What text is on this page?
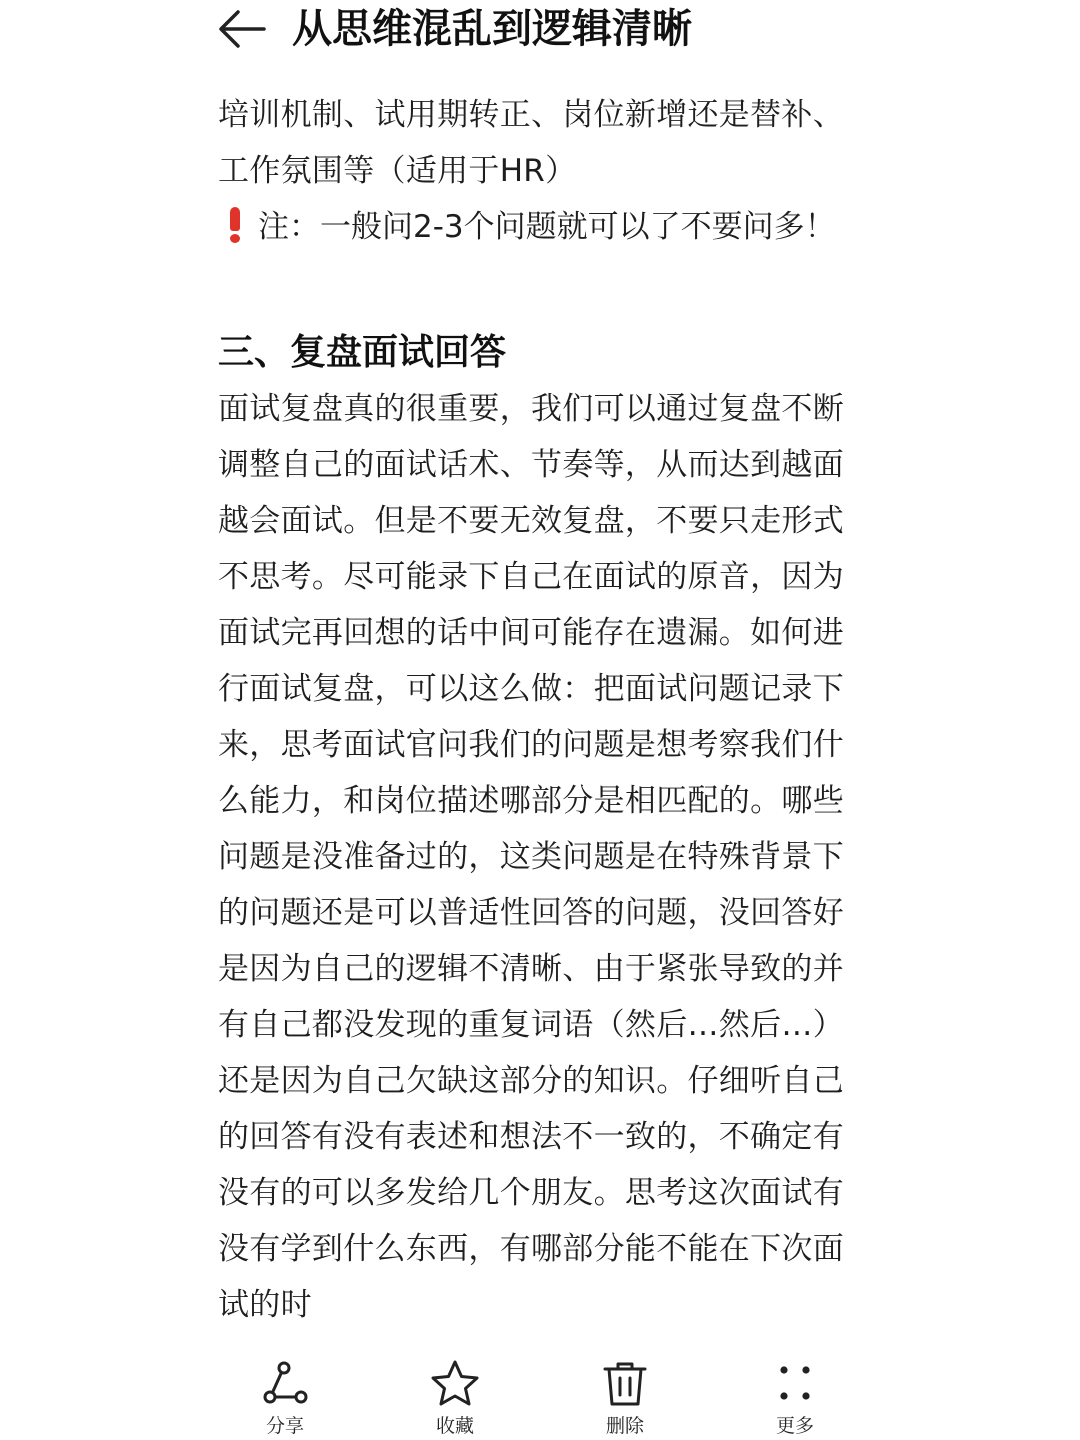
从思维混乱到逻辑清晰

培训机制、试用期转正、岗位新增还是替补、工作氛围等（适用于HR）

注：一般问2-3个问题就可以了不要问多！

三、复盘面试回答

面试复盘真的很重要，我们可以通过复盘不断调整自己的面试话术、节奏等，从而达到越面越会面试。但是不要无效复盘，不要只走形式不思考。尽可能录下自己在面试的原音，因为面试完再回想的话中间可能存在遗漏。如何进行面试复盘，可以这么做：把面试问题记录下来，思考面试官问我们的问题是想考察我们什么能力，和岗位描述哪部分是相匹配的。哪些问题是没准备过的，这类问题是在特殊背景下的问题还是可以普适性回答的问题，没回答好是因为自己的逻辑不清晰、由于紧张导致的并有自己都没发现的重复词语（然后…然后…）还是因为自己欠缺这部分的知识。仔细听自己的回答有没有表述和想法不一致的，不确定有没有的可以多发给几个朋友。思考这次面试有没有学到什么东西，有哪部分能不能在下次面试的时

分享	收藏	删除	更多
